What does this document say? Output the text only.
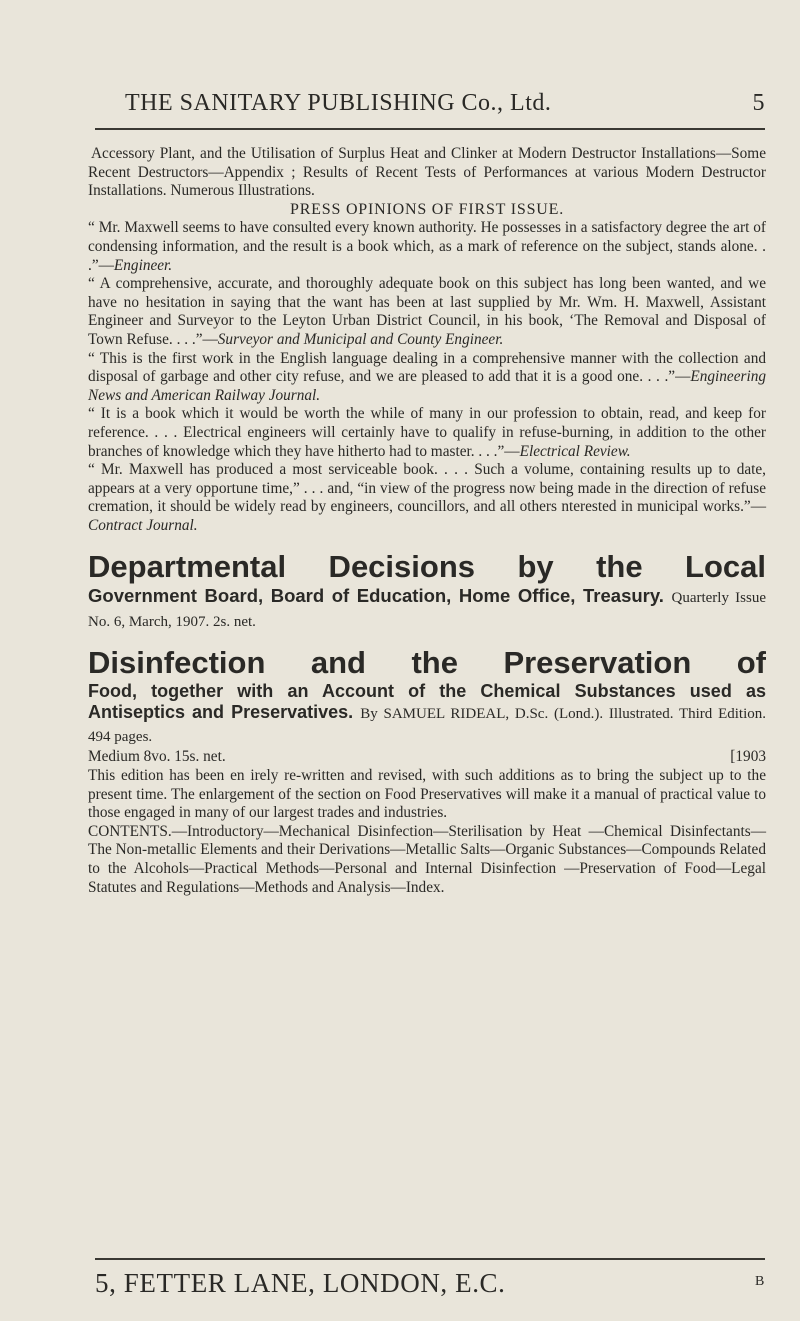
THE SANITARY PUBLISHING Co., Ltd.	5

Accessory Plant, and the Utilisation of Surplus Heat and Clinker at Modern Destructor Installations—Some Recent Destructors—Appendix ; Results of Recent Tests of Performances at various Modern Destructor Installations. Numerous Illustrations.

PRESS OPINIONS OF FIRST ISSUE.

“ Mr. Maxwell seems to have consulted every known authority. He possesses in a satisfactory degree the art of condensing information, and the result is a book which, as a mark of reference on the subject, stands alone. . .”—Engineer.

“ A comprehensive, accurate, and thoroughly adequate book on this subject has long been wanted, and we have no hesitation in saying that the want has been at last supplied by Mr. Wm. H. Maxwell, Assistant Engineer and Surveyor to the Leyton Urban District Council, in his book, ‘The Removal and Disposal of Town Refuse. . . .”—Surveyor and Municipal and County Engineer.

“ This is the first work in the English language dealing in a comprehensive manner with the collection and disposal of garbage and other city refuse, and we are pleased to add that it is a good one. . . .”—Engineering News and American Railway Journal.

“ It is a book which it would be worth the while of many in our profession to obtain, read, and keep for reference. . . . Electrical engineers will certainly have to qualify in refuse-burning, in addition to the other branches of knowledge which they have hitherto had to master. . . .”—Electrical Review.

“ Mr. Maxwell has produced a most serviceable book. . . . Such a volume, containing results up to date, appears at a very opportune time,” . . . and, “in view of the progress now being made in the direction of refuse cremation, it should be widely read by engineers, councillors, and all others nterested in municipal works.”—Contract Journal.

Departmental Decisions by the Local
Government Board, Board of Education, Home Office, Treasury. Quarterly Issue No. 6, March, 1907. 2s. net.
Disinfection and the Preservation of
Food, together with an Account of the Chemical Substances used as Antiseptics and Preservatives. By SAMUEL RIDEAL, D.Sc. (Lond.). Illustrated. Third Edition. 494 pages.
Medium 8vo. 15s. net.	[1903

This edition has been en irely re-written and revised, with such additions as to bring the subject up to the present time. The enlargement of the section on Food Preservatives will make it a manual of practical value to those engaged in many of our largest trades and industries.

CONTENTS.—Introductory—Mechanical Disinfection—Sterilisation by Heat —Chemical Disinfectants—The Non-metallic Elements and their Derivations—Metallic Salts—Organic Substances—Compounds Related to the Alcohols—Practical Methods—Personal and Internal Disinfection —Preservation of Food—Legal Statutes and Regulations—Methods and Analysis—Index.

5, FETTER LANE, LONDON, E.C.	B
